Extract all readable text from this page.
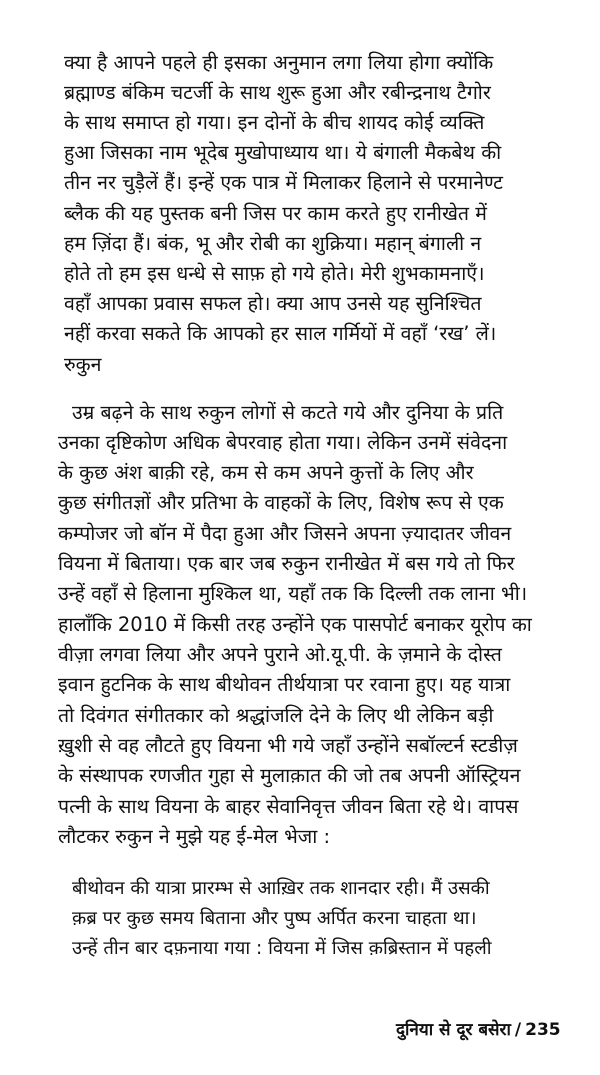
क्या है आपने पहले ही इसका अनुमान लगा लिया होगा क्योंकि
ब्रह्माण्ड बंकिम चटर्जी के साथ शुरू हुआ और रबीन्द्रनाथ टैगोर
के साथ समाप्त हो गया। इन दोनों के बीच शायद कोई व्यक्ति
हुआ जिसका नाम भूदेब मुखोपाध्याय था। ये बंगाली मैकबेथ की
तीन नर चुड़ैलें हैं। इन्हें एक पात्र में मिलाकर हिलाने से परमानेण्ट
ब्लैक की यह पुस्तक बनी जिस पर काम करते हुए रानीखेत में
हम ज़िंदा हैं। बंक, भू और रोबी का शुक्रिया। महान् बंगाली न
होते तो हम इस धन्धे से साफ़ हो गये होते। मेरी शुभकामनाएँ।
वहाँ आपका प्रवास सफल हो। क्या आप उनसे यह सुनिश्चित
नहीं करवा सकते कि आपको हर साल गर्मियों में वहाँ ‘रख’ लें।
रुकुन
उम्र बढ़ने के साथ रुकुन लोगों से कटते गये और दुनिया के प्रति
उनका दृष्टिकोण अधिक बेपरवाह होता गया। लेकिन उनमें संवेदना
के कुछ अंश बाक़ी रहे, कम से कम अपने कुत्तों के लिए और
कुछ संगीतज्ञों और प्रतिभा के वाहकों के लिए, विशेष रूप से एक
कम्पोजर जो बॉन में पैदा हुआ और जिसने अपना ज़्यादातर जीवन
वियना में बिताया। एक बार जब रुकुन रानीखेत में बस गये तो फिर
उन्हें वहाँ से हिलाना मुश्किल था, यहाँ तक कि दिल्ली तक लाना भी।
हालाँकि 2010 में किसी तरह उन्होंने एक पासपोर्ट बनाकर यूरोप का
वीज़ा लगवा लिया और अपने पुराने ओ.यू.पी. के ज़माने के दोस्त
इवान हुटनिक के साथ बीथोवन तीर्थयात्रा पर रवाना हुए। यह यात्रा
तो दिवंगत संगीतकार को श्रद्धांजलि देने के लिए थी लेकिन बड़ी
ख़ुशी से वह लौटते हुए वियना भी गये जहाँ उन्होंने सबॉल्टर्न स्टडीज़
के संस्थापक रणजीत गुहा से मुलाक़ात की जो तब अपनी ऑस्ट्रियन
पत्नी के साथ वियना के बाहर सेवानिवृत्त जीवन बिता रहे थे। वापस
लौटकर रुकुन ने मुझे यह ई-मेल भेजा :
बीथोवन की यात्रा प्रारम्भ से आख़िर तक शानदार रही। मैं उसकी
क़ब्र पर कुछ समय बिताना और पुष्प अर्पित करना चाहता था।
उन्हें तीन बार दफ़नाया गया : वियना में जिस क़ब्रिस्तान में पहली
दुनिया से दूर बसेरा / 235
